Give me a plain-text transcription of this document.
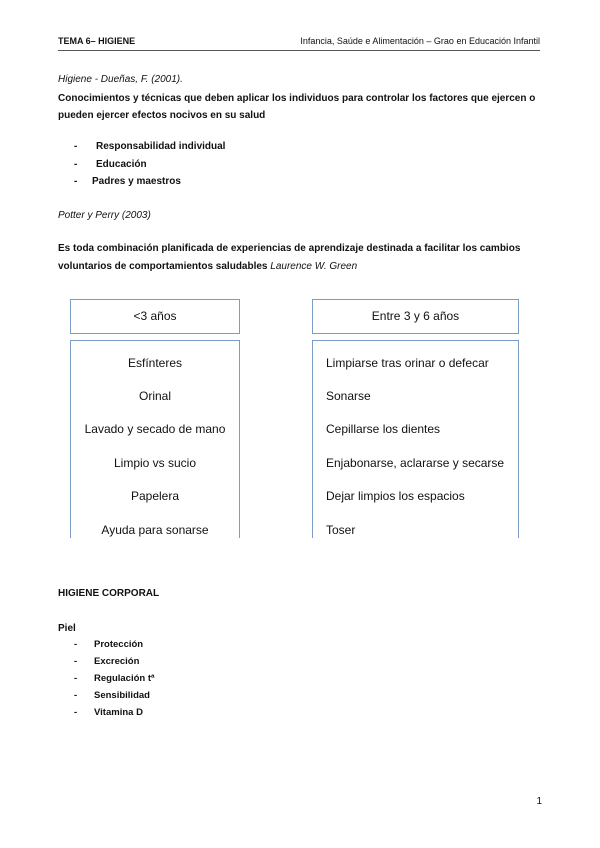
TEMA 6– HIGIENE	Infancia, Saúde e Alimentación – Grao en Educación Infantil
Higiene - Dueñas, F. (2001).
Conocimientos y técnicas que deben aplicar los individuos para controlar los factores que ejercen o
pueden ejercer efectos nocivos en su salud
- Responsabilidad individual
- Educación
- Padres y maestros
Potter y Perry (2003)
Es toda combinación planificada de experiencias de aprendizaje destinada a facilitar los cambios
voluntarios de comportamientos saludables Laurence W. Green
<3 años	Entre 3 y 6 años
Esfínteres
Orinal
Lavado y secado de mano
Limpio vs sucio
Papelera
Ayuda para sonarse
Limpiarse tras orinar o defecar
Sonarse
Cepillarse los dientes
Enjabonarse, aclararse y secarse
Dejar limpios los espacios
Toser
HIGIENE CORPORAL
Piel
- Protección
- Excreción
- Regulación tª
- Sensibilidad
- Vitamina D
1
